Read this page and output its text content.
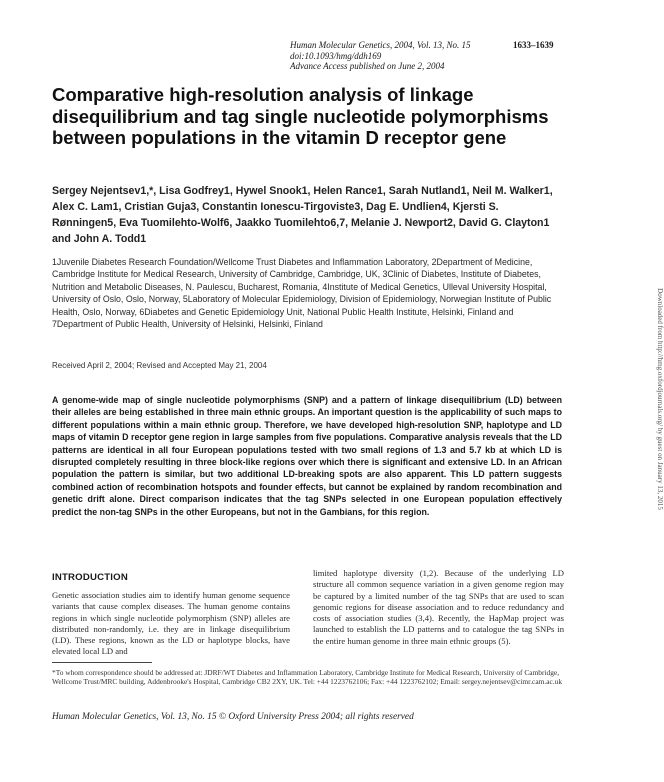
Human Molecular Genetics, 2004, Vol. 13, No. 15
doi:10.1093/hmg/ddh169
Advance Access published on June 2, 2004
1633–1639
Comparative high-resolution analysis of linkage disequilibrium and tag single nucleotide polymorphisms between populations in the vitamin D receptor gene
Sergey Nejentsev1,*, Lisa Godfrey1, Hywel Snook1, Helen Rance1, Sarah Nutland1, Neil M. Walker1, Alex C. Lam1, Cristian Guja3, Constantin Ionescu-Tirgoviste3, Dag E. Undlien4, Kjersti S. Rønningen5, Eva Tuomilehto-Wolf6, Jaakko Tuomilehto6,7, Melanie J. Newport2, David G. Clayton1 and John A. Todd1
1Juvenile Diabetes Research Foundation/Wellcome Trust Diabetes and Inflammation Laboratory, 2Department of Medicine, Cambridge Institute for Medical Research, University of Cambridge, Cambridge, UK, 3Clinic of Diabetes, Institute of Diabetes, Nutrition and Metabolic Diseases, N. Paulescu, Bucharest, Romania, 4Institute of Medical Genetics, Ulleval University Hospital, University of Oslo, Oslo, Norway, 5Laboratory of Molecular Epidemiology, Division of Epidemiology, Norwegian Institute of Public Health, Oslo, Norway, 6Diabetes and Genetic Epidemiology Unit, National Public Health Institute, Helsinki, Finland and 7Department of Public Health, University of Helsinki, Helsinki, Finland
Received April 2, 2004; Revised and Accepted May 21, 2004
A genome-wide map of single nucleotide polymorphisms (SNP) and a pattern of linkage disequilibrium (LD) between their alleles are being established in three main ethnic groups. An important question is the applicability of such maps to different populations within a main ethnic group. Therefore, we have developed high-resolution SNP, haplotype and LD maps of vitamin D receptor gene region in large samples from five populations. Comparative analysis reveals that the LD patterns are identical in all four European populations tested with two small regions of 1.3 and 5.7 kb at which LD is disrupted completely resulting in three block-like regions over which there is significant and extensive LD. In an African population the pattern is similar, but two additional LD-breaking spots are also apparent. This LD pattern suggests combined action of recombination hotspots and founder effects, but cannot be explained by random recombination and genetic drift alone. Direct comparison indicates that the tag SNPs selected in one European population effectively predict the non-tag SNPs in the other Europeans, but not in the Gambians, for this region.
INTRODUCTION
Genetic association studies aim to identify human genome sequence variants that cause complex diseases. The human genome contains regions in which single nucleotide polymorphism (SNP) alleles are distributed non-randomly, i.e. they are in linkage disequilibrium (LD). These regions, known as the LD or haplotype blocks, have elevated local LD and
limited haplotype diversity (1,2). Because of the underlying LD structure all common sequence variation in a given genome region may be captured by a limited number of the tag SNPs that are used to scan genomic regions for disease association and to reduce redundancy and costs of association studies (3,4). Recently, the HapMap project was launched to establish the LD patterns and to catalogue the tag SNPs in the entire human genome in three main ethnic groups (5).
*To whom correspondence should be addressed at: JDRF/WT Diabetes and Inflammation Laboratory, Cambridge Institute for Medical Research, University of Cambridge, Wellcome Trust/MRC building, Addenbrooke's Hospital, Cambridge CB2 2XY, UK. Tel: +44 1223762106; Fax: +44 1223762102; Email: sergey.nejentsev@cimr.cam.ac.uk
Human Molecular Genetics, Vol. 13, No. 15 © Oxford University Press 2004; all rights reserved
Downloaded from http://hmg.oxfordjournals.org/ by guest on January 13, 2015
